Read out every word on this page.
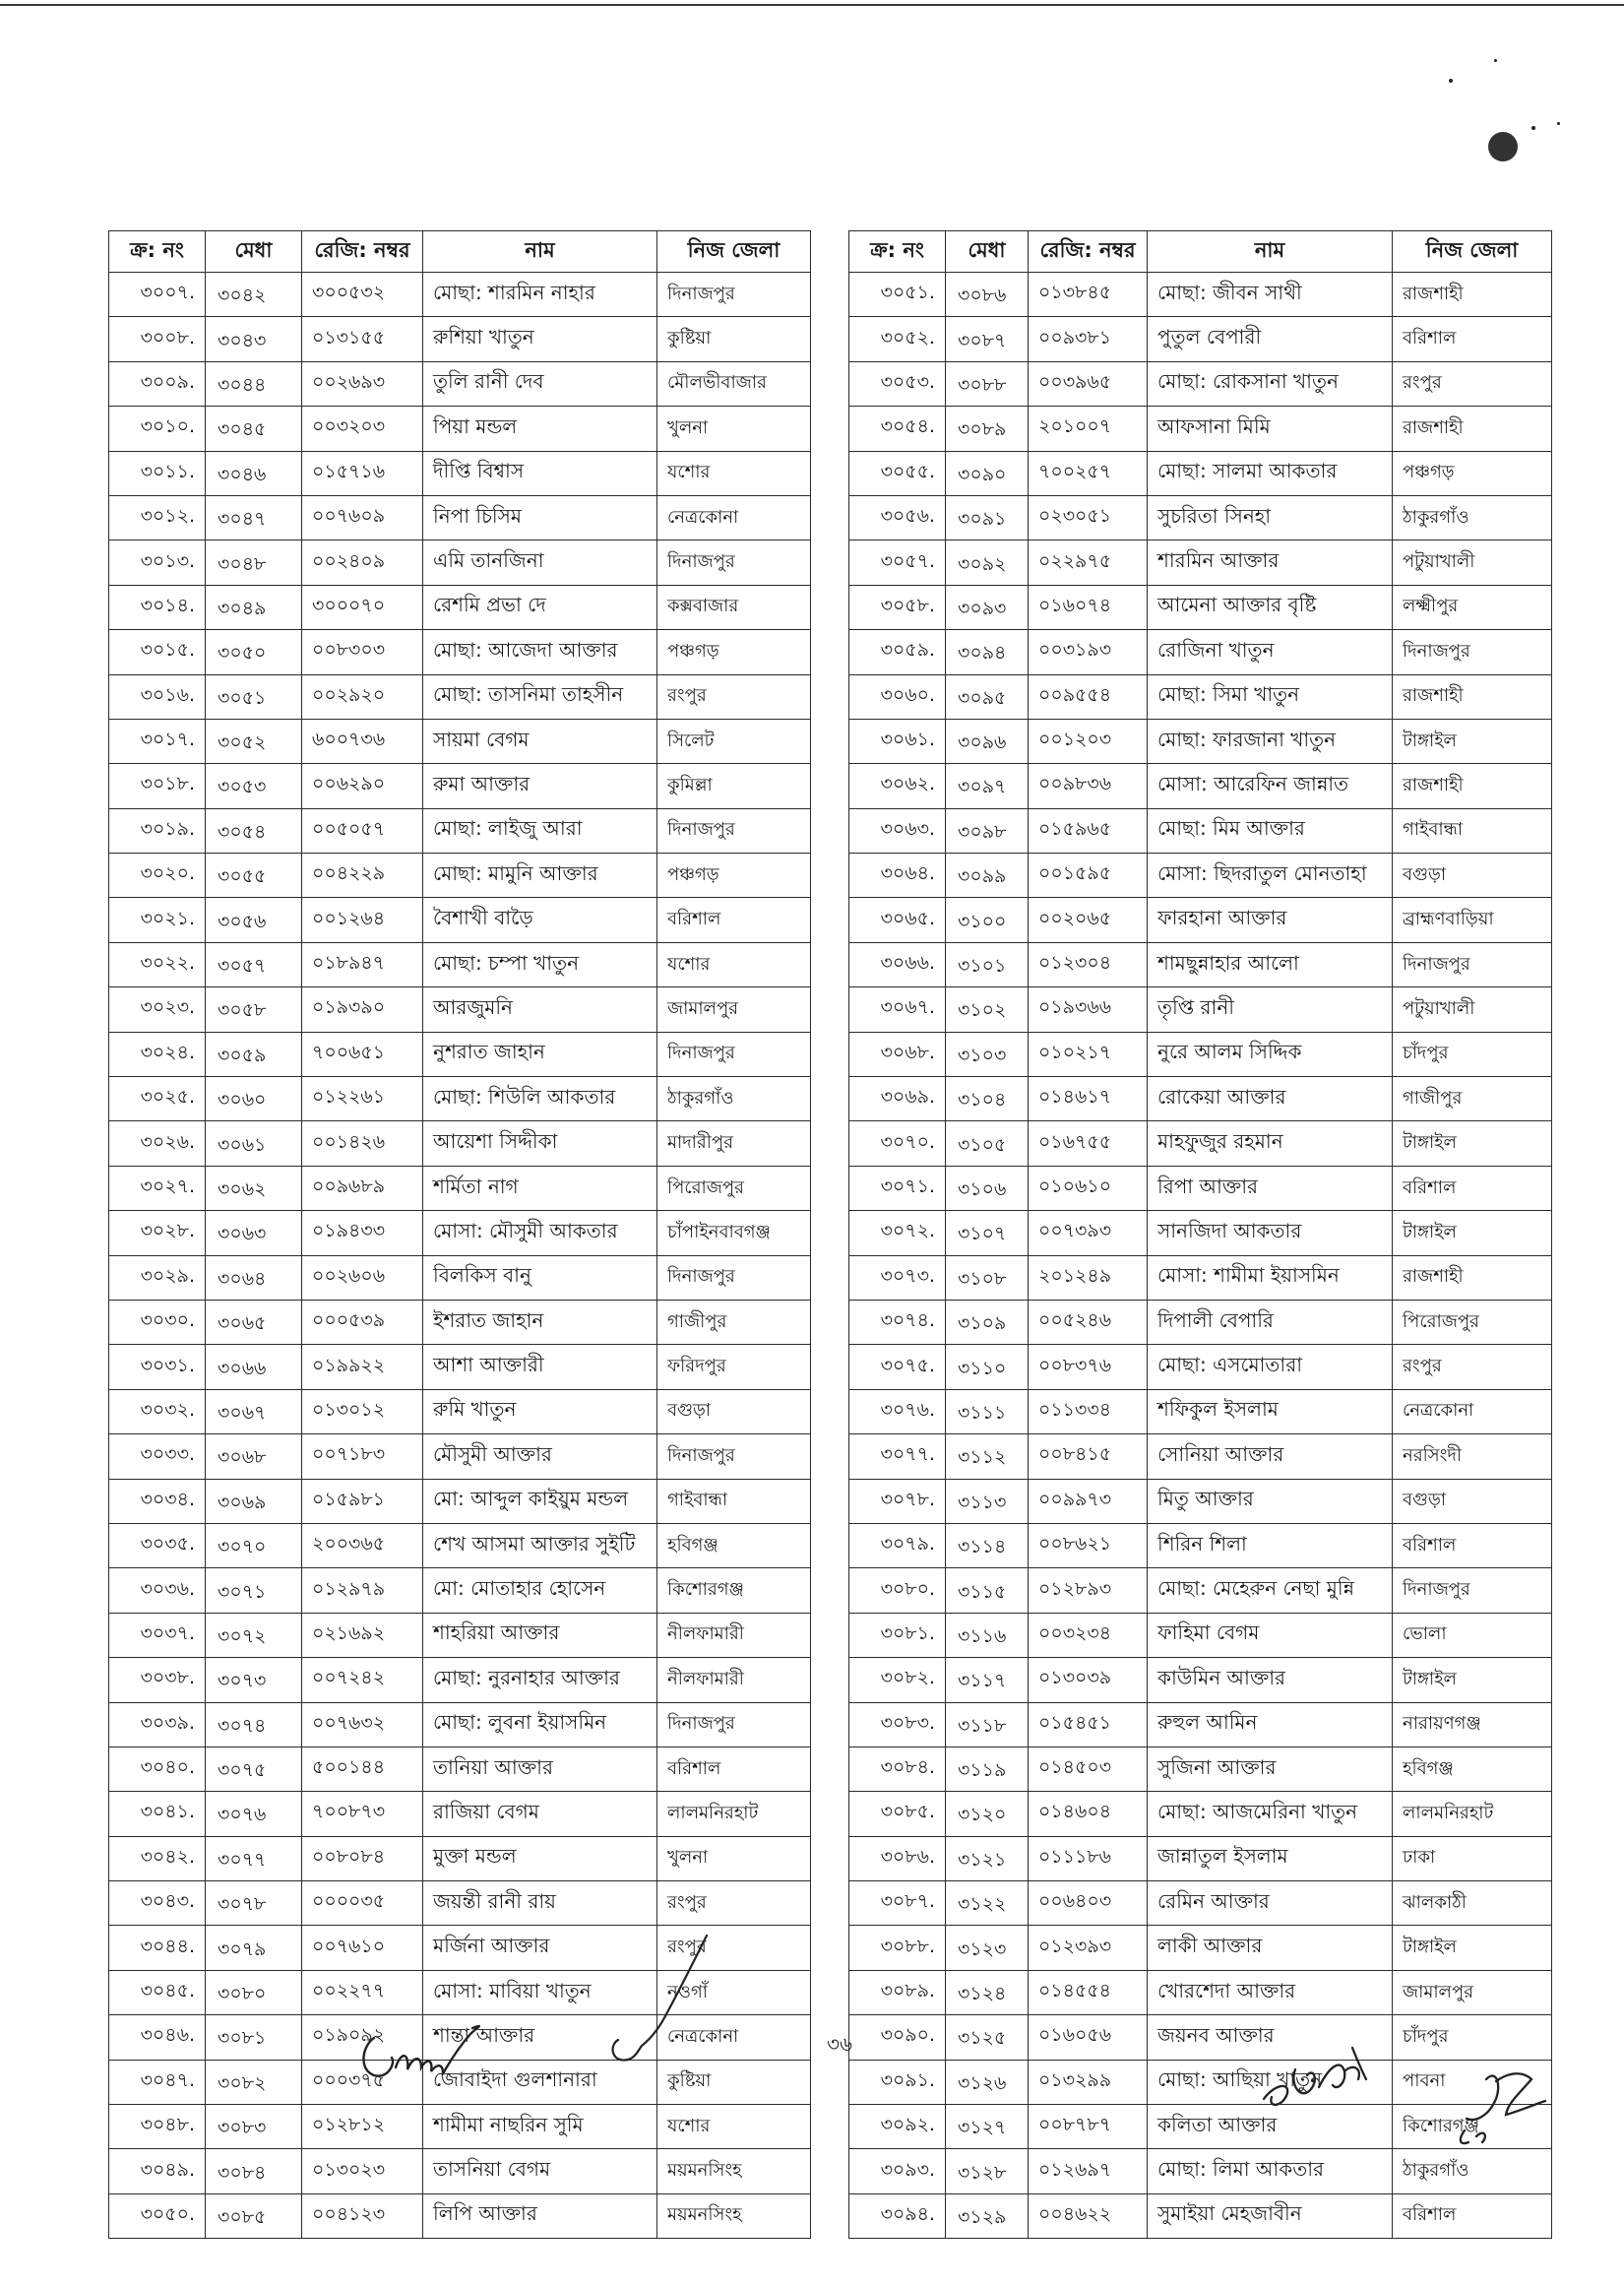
ক্র: নং	মেধা	রেজি: নম্বর	নাম	নিজ জেলা
৩০০৭.	৩০৪২	৩০০৫৩২	মোছা: শারমিন নাহার	দিনাজপুর
৩০০৮.	৩০৪৩	০১৩১৫৫	রুশিয়া খাতুন	কুষ্টিয়া
৩০০৯.	৩০৪৪	০০২৬৯৩	তুলি রানী দেব	মৌলভীবাজার
৩০১০.	৩০৪৫	০০৩২০৩	পিয়া মন্ডল	খুলনা
৩০১১.	৩০৪৬	০১৫৭১৬	দীপ্তি বিশ্বাস	যশোর
৩০১২.	৩০৪৭	০০৭৬০৯	নিপা চিসিম	নেত্রকোনা
৩০১৩.	৩০৪৮	০০২৪০৯	এমি তানজিনা	দিনাজপুর
৩০১৪.	৩০৪৯	৩০০০৭০	রেশমি প্রভা দে	কক্সবাজার
৩০১৫.	৩০৫০	০০৮৩০৩	মোছা: আজেদা আক্তার	পঞ্চগড়
৩০১৬.	৩০৫১	০০২৯২০	মোছা: তাসনিমা তাহসীন	রংপুর
৩০১৭.	৩০৫২	৬০০৭৩৬	সায়মা বেগম	সিলেট
৩০১৮.	৩০৫৩	০০৬২৯০	রুমা আক্তার	কুমিল্লা
৩০১৯.	৩০৫৪	০০৫০৫৭	মোছা: লাইজু আরা	দিনাজপুর
৩০২০.	৩০৫৫	০০৪২২৯	মোছা: মামুনি আক্তার	পঞ্চগড়
৩০২১.	৩০৫৬	০০১২৬৪	বৈশাখী বাড়ৈ	বরিশাল
৩০২২.	৩০৫৭	০১৮৯৪৭	মোছা: চম্পা খাতুন	যশোর
৩০২৩.	৩০৫৮	০১৯৩৯০	আরজুমনি	জামালপুর
৩০২৪.	৩০৫৯	৭০০৬৫১	নুশরাত জাহান	দিনাজপুর
৩০২৫.	৩০৬০	০১২২৬১	মোছা: শিউলি আকতার	ঠাকুরগাঁও
৩০২৬.	৩০৬১	০০১৪২৬	আয়েশা সিদ্দীকা	মাদারীপুর
৩০২৭.	৩০৬২	০০৯৬৮৯	শর্মিতা নাগ	পিরোজপুর
৩০২৮.	৩০৬৩	০১৯৪৩৩	মোসা: মৌসুমী আকতার	চাঁপাইনবাবগঞ্জ
৩০২৯.	৩০৬৪	০০২৬০৬	বিলকিস বানু	দিনাজপুর
৩০৩০.	৩০৬৫	০০০৫৩৯	ইশরাত জাহান	গাজীপুর
৩০৩১.	৩০৬৬	০১৯৯২২	আশা আক্তারী	ফরিদপুর
৩০৩২.	৩০৬৭	০১৩০১২	রুমি খাতুন	বগুড়া
৩০৩৩.	৩০৬৮	০০৭১৮৩	মৌসুমী আক্তার	দিনাজপুর
৩০৩৪.	৩০৬৯	০১৫৯৮১	মো: আব্দুল কাইয়ুম মন্ডল	গাইবান্ধা
৩০৩৫.	৩০৭০	২০০৩৬৫	শেখ আসমা আক্তার সুইটি	হবিগঞ্জ
৩০৩৬.	৩০৭১	০১২৯৭৯	মো: মোতাহার হোসেন	কিশোরগঞ্জ
৩০৩৭.	৩০৭২	০২১৬৯২	শাহরিয়া আক্তার	নীলফামারী
৩০৩৮.	৩০৭৩	০০৭২৪২	মোছা: নুরনাহার আক্তার	নীলফামারী
৩০৩৯.	৩০৭৪	০০৭৬৩২	মোছা: লুবনা ইয়াসমিন	দিনাজপুর
৩০৪০.	৩০৭৫	৫০০১৪৪	তানিয়া আক্তার	বরিশাল
৩০৪১.	৩০৭৬	৭০০৮৭৩	রাজিয়া বেগম	লালমনিরহাট
৩০৪২.	৩০৭৭	০০৮০৮৪	মুক্তা মন্ডল	খুলনা
৩০৪৩.	৩০৭৮	০০০০৩৫	জয়ন্তী রানী রায়	রংপুর
৩০৪৪.	৩০৭৯	০০৭৬১০	মর্জিনা আক্তার	রংপুর
৩০৪৫.	৩০৮০	০০২২৭৭	মোসা: মাবিয়া খাতুন	নওগাঁ
৩০৪৬.	৩০৮১	০১৯০৯২	শান্তা আক্তার	নেত্রকোনা
৩০৪৭.	৩০৮২	০০০৩৭৫	জোবাইদা গুলশানারা	কুষ্টিয়া
৩০৪৮.	৩০৮৩	০১২৮১২	শামীমা নাছরিন সুমি	যশোর
৩০৪৯.	৩০৮৪	০১৩০২৩	তাসনিয়া বেগম	ময়মনসিংহ
৩০৫০.	৩০৮৫	০০৪১২৩	লিপি আক্তার	ময়মনসিংহ
ক্র: নং	মেধা	রেজি: নম্বর	নাম	নিজ জেলা
৩০৫১.	৩০৮৬	০১৩৮৪৫	মোছা: জীবন সাথী	রাজশাহী
৩০৫২.	৩০৮৭	০০৯৩৮১	পুতুল বেপারী	বরিশাল
৩০৫৩.	৩০৮৮	০০৩৯৬৫	মোছা: রোকসানা খাতুন	রংপুর
৩০৫৪.	৩০৮৯	২০১০০৭	আফসানা মিমি	রাজশাহী
৩০৫৫.	৩০৯০	৭০০২৫৭	মোছা: সালমা আকতার	পঞ্চগড়
৩০৫৬.	৩০৯১	০২৩০৫১	সুচরিতা সিনহা	ঠাকুরগাঁও
৩০৫৭.	৩০৯২	০২২৯৭৫	শারমিন আক্তার	পটুয়াখালী
৩০৫৮.	৩০৯৩	০১৬০৭৪	আমেনা আক্তার বৃষ্টি	লক্ষ্মীপুর
৩০৫৯.	৩০৯৪	০০৩১৯৩	রোজিনা খাতুন	দিনাজপুর
৩০৬০.	৩০৯৫	০০৯৫৫৪	মোছা: সিমা খাতুন	রাজশাহী
৩০৬১.	৩০৯৬	০০১২০৩	মোছা: ফারজানা খাতুন	টাঙ্গাইল
৩০৬২.	৩০৯৭	০০৯৮৩৬	মোসা: আরেফিন জান্নাত	রাজশাহী
৩০৬৩.	৩০৯৮	০১৫৯৬৫	মোছা: মিম আক্তার	গাইবান্ধা
৩০৬৪.	৩০৯৯	০০১৫৯৫	মোসা: ছিদরাতুল মোনতাহা	বগুড়া
৩০৬৫.	৩১০০	০০২০৬৫	ফারহানা আক্তার	ব্রাহ্মণবাড়িয়া
৩০৬৬.	৩১০১	০১২৩০৪	শামছুন্নাহার আলো	দিনাজপুর
৩০৬৭.	৩১০২	০১৯৩৬৬	তৃপ্তি রানী	পটুয়াখালী
৩০৬৮.	৩১০৩	০১০২১৭	নুরে আলম সিদ্দিক	চাঁদপুর
৩০৬৯.	৩১০৪	০১৪৬১৭	রোকেয়া আক্তার	গাজীপুর
৩০৭০.	৩১০৫	০১৬৭৫৫	মাহফুজুর রহমান	টাঙ্গাইল
৩০৭১.	৩১০৬	০১০৬১০	রিপা আক্তার	বরিশাল
৩০৭২.	৩১০৭	০০৭৩৯৩	সানজিদা আকতার	টাঙ্গাইল
৩০৭৩.	৩১০৮	২০১২৪৯	মোসা: শামীমা ইয়াসমিন	রাজশাহী
৩০৭৪.	৩১০৯	০০৫২৪৬	দিপালী বেপারি	পিরোজপুর
৩০৭৫.	৩১১০	০০৮৩৭৬	মোছা: এসমোতারা	রংপুর
৩০৭৬.	৩১১১	০১১৩৩৪	শফিকুল ইসলাম	নেত্রকোনা
৩০৭৭.	৩১১২	০০৮৪১৫	সোনিয়া আক্তার	নরসিংদী
৩০৭৮.	৩১১৩	০০৯৯৭৩	মিতু আক্তার	বগুড়া
৩০৭৯.	৩১১৪	০০৮৬২১	শিরিন শিলা	বরিশাল
৩০৮০.	৩১১৫	০১২৮৯৩	মোছা: মেহেরুন নেছা মুন্নি	দিনাজপুর
৩০৮১.	৩১১৬	০০৩২৩৪	ফাহিমা বেগম	ভোলা
৩০৮২.	৩১১৭	০১৩০৩৯	কাউমিন আক্তার	টাঙ্গাইল
৩০৮৩.	৩১১৮	০১৫৪৫১	রুহুল আমিন	নারায়ণগঞ্জ
৩০৮৪.	৩১১৯	০১৪৫০৩	সুজিনা আক্তার	হবিগঞ্জ
৩০৮৫.	৩১২০	০১৪৬০৪	মোছা: আজমেরিনা খাতুন	লালমনিরহাট
৩০৮৬.	৩১২১	০১১১৮৬	জান্নাতুল ইসলাম	ঢাকা
৩০৮৭.	৩১২২	০০৬৪০৩	রেমিন আক্তার	ঝালকাঠী
৩০৮৮.	৩১২৩	০১২৩৯৩	লাকী আক্তার	টাঙ্গাইল
৩০৮৯.	৩১২৪	০১৪৫৫৪	খোরশেদা আক্তার	জামালপুর
৩০৯০.	৩১২৫	০১৬০৫৬	জয়নব আক্তার	চাঁদপুর
৩০৯১.	৩১২৬	০১৩২৯৯	মোছা: আছিয়া খাতুন	পাবনা
৩০৯২.	৩১২৭	০০৮৭৮৭	কলিতা আক্তার	কিশোরগঞ্জ
৩০৯৩.	৩১২৮	০১২৬৯৭	মোছা: লিমা আকতার	ঠাকুরগাঁও
৩০৯৪.	৩১২৯	০০৪৬২২	সুমাইয়া মেহজাবীন	বরিশাল
৩৬
